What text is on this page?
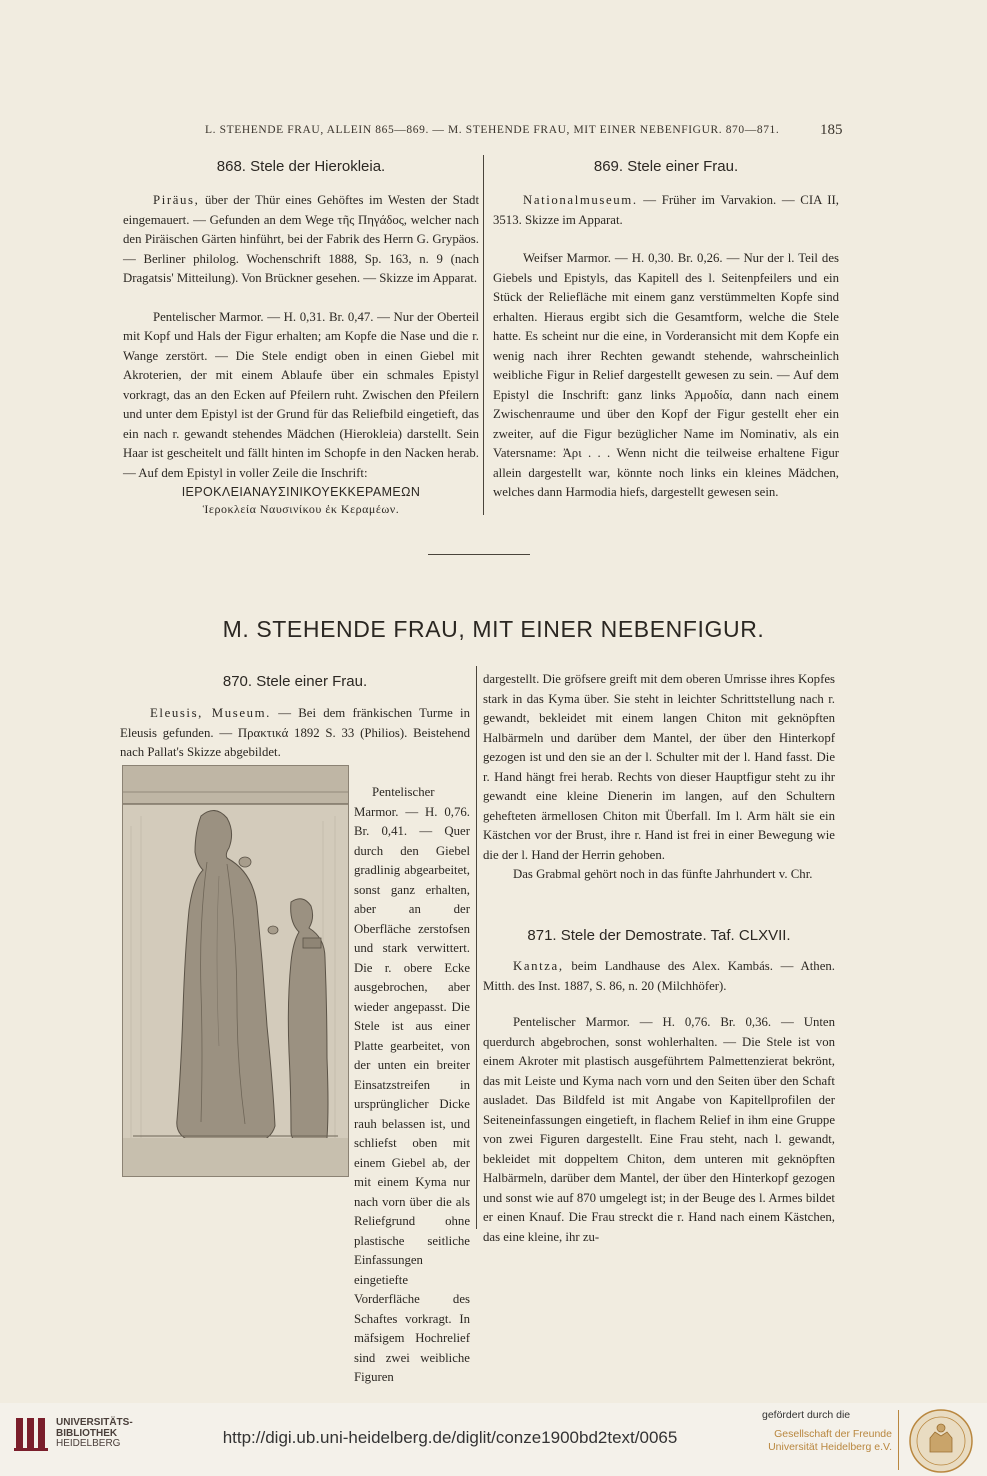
L. STEHENDE FRAU, ALLEIN 865—869. — M. STEHENDE FRAU, MIT EINER NEBENFIGUR. 870—871.	185
868. Stele der Hierokleia.

Piräus, über der Thür eines Gehöftes im Westen der Stadt eingemauert. — Gefunden an dem Wege τῆς Πηγάδος, welcher nach den Piräischen Gärten hinführt, bei der Fabrik des Herrn G. Grypäos. — Berliner philolog. Wochenschrift 1888, Sp. 163, n. 9 (nach Dragatsis' Mitteilung). Von Brückner gesehen. — Skizze im Apparat.

Pentelischer Marmor. — H. 0,31. Br. 0,47. — Nur der Oberteil mit Kopf und Hals der Figur erhalten; am Kopfe die Nase und die r. Wange zerstört. — Die Stele endigt oben in einen Giebel mit Akroterien, der mit einem Ablaufe über ein schmales Epistyl vorkragt, das an den Ecken auf Pfeilern ruht. Zwischen den Pfeilern und unter dem Epistyl ist der Grund für das Reliefbild eingetieft, das ein nach r. gewandt stehendes Mädchen (Hierokleia) darstellt. Sein Haar ist gescheitelt und fällt hinten im Schopfe in den Nacken herab. — Auf dem Epistyl in voller Zeile die Inschrift:

ΙΕΡΟΚΛΕΙΑΝΑΥΣΙΝΙΚΟΥΕΚΚΕΡΑΜΕΩΝ
Ἱεροκλεία Ναυσινίκου ἐκ Κεραμέων.
869. Stele einer Frau.

Nationalmuseum. — Früher im Varvakion. — CIA II, 3513. Skizze im Apparat.

Weifser Marmor. — H. 0,30. Br. 0,26. — Nur der l. Teil des Giebels und Epistyls, das Kapitell des l. Seitenpfeilers und ein Stück der Reliefläche mit einem ganz verstümmelten Kopfe sind erhalten. Hieraus ergibt sich die Gesamtform, welche die Stele hatte. Es scheint nur die eine, in Vorderansicht mit dem Kopfe ein wenig nach ihrer Rechten gewandt stehende, wahrscheinlich weibliche Figur in Relief dargestellt gewesen zu sein. — Auf dem Epistyl die Inschrift: ganz links Ἁρμοδία, dann nach einem Zwischenraume und über den Kopf der Figur gestellt eher ein zweiter, auf die Figur bezüglicher Name im Nominativ, als ein Vatersname: Ἀρι . . . Wenn nicht die teilweise erhaltene Figur allein dargestellt war, könnte noch links ein kleines Mädchen, welches dann Harmodia hiefs, dargestellt gewesen sein.

M. STEHENDE FRAU, MIT EINER NEBENFIGUR.
870. Stele einer Frau.

Eleusis, Museum. — Bei dem fränkischen Turme in Eleusis gefunden. — Πρακτικά 1892 S. 33 (Philios). Beistehend nach Pallat's Skizze abgebildet.

Pentelischer Marmor. — H. 0,76. Br. 0,41. — Quer durch den Giebel gradlinig abgearbeitet, sonst ganz erhalten, aber an der Oberfläche zerstofsen und stark verwittert. Die r. obere Ecke ausgebrochen, aber wieder angepasst. Die Stele ist aus einer Platte gearbeitet, von der unten ein breiter Einsatzstreifen in ursprünglicher Dicke rauh belassen ist, und schliefst oben mit einem Giebel ab, der mit einem Kyma nur nach vorn über die als Reliefgrund ohne plastische seitliche Einfassungen eingetiefte Vorderfläche des Schaftes vorkragt. In mäfsigem Hochrelief sind zwei weibliche Figuren

dargestellt. Die gröfsere greift mit dem oberen Umrisse ihres Kopfes stark in das Kyma über. Sie steht in leichter Schrittstellung nach r. gewandt, bekleidet mit einem langen Chiton mit geknöpften Halbärmeln und darüber dem Mantel, der über den Hinterkopf gezogen ist und den sie an der l. Schulter mit der l. Hand fasst. Die r. Hand hängt frei herab. Rechts von dieser Hauptfigur steht zu ihr gewandt eine kleine Dienerin im langen, auf den Schultern gehefteten ärmellosen Chiton mit Überfall. Im l. Arm hält sie ein Kästchen vor der Brust, ihre r. Hand ist frei in einer Bewegung wie die der l. Hand der Herrin gehoben.

Das Grabmal gehört noch in das fünfte Jahrhundert v. Chr.

871. Stele der Demostrate. Taf. CLXVII.

Kantza, beim Landhause des Alex. Kambás. — Athen. Mitth. des Inst. 1887, S. 86, n. 20 (Milchhöfer).

Pentelischer Marmor. — H. 0,76. Br. 0,36. — Unten querdurch abgebrochen, sonst wohlerhalten. — Die Stele ist von einem Akroter mit plastisch ausgeführtem Palmettenzierat bekrönt, das mit Leiste und Kyma nach vorn und den Seiten über den Schaft ausladet. Das Bildfeld ist mit Angabe von Kapitellprofilen der Seiteneinfassungen eingetieft, in flachem Relief in ihm eine Gruppe von zwei Figuren dargestellt. Eine Frau steht, nach l. gewandt, bekleidet mit doppeltem Chiton, dem unteren mit geknöpften Halbärmeln, darüber dem Mantel, der über den Hinterkopf gezogen und sonst wie auf 870 umgelegt ist; in der Beuge des l. Armes bildet er einen Knauf. Die Frau streckt die r. Hand nach einem Kästchen, das eine kleine, ihr zu-

UNIVERSITÄTS-
BIBLIOTHEK
HEIDELBERG	http://digi.ub.uni-heidelberg.de/diglit/conze1900bd2text/0065
gefördert durch die
Gesellschaft der Freunde
Universität Heidelberg e.V.
